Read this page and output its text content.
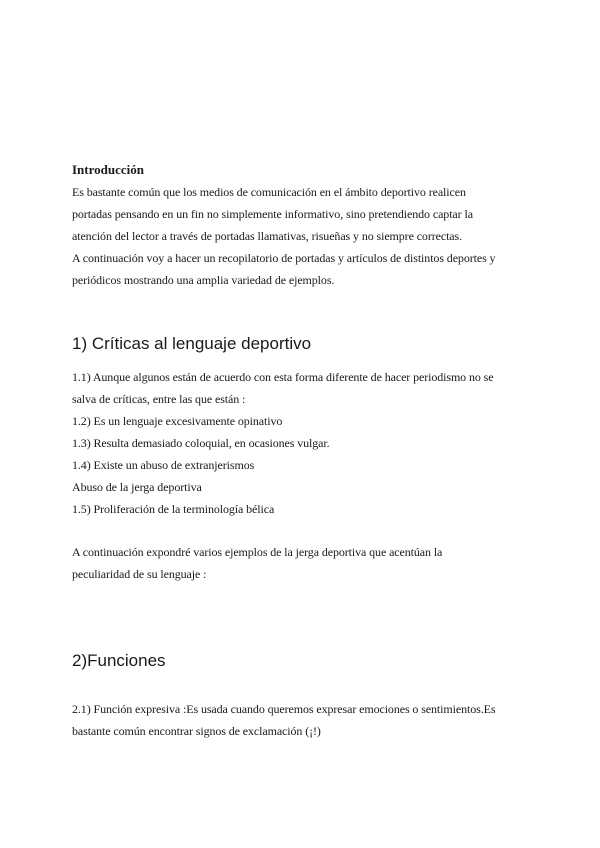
Introducción

Es bastante común que los medios de comunicación en el ámbito deportivo realicen

portadas pensando en un fin no simplemente informativo, sino pretendiendo captar la

atención del lector a través de portadas llamativas, risueñas y no siempre correctas.

A continuación voy a hacer un recopilatorio de portadas y artículos de distintos deportes y

periódicos mostrando una amplia variedad de ejemplos.

1) Críticas al lenguaje deportivo

1.1) Aunque algunos están de acuerdo con esta forma diferente de hacer periodismo no se

salva de críticas, entre las que están :

1.2) Es un lenguaje excesivamente opinativo

1.3) Resulta demasiado coloquial, en ocasiones vulgar.

1.4) Existe un abuso de extranjerismos

Abuso de la jerga deportiva

1.5) Proliferación de la terminología bélica

A continuación expondré varios ejemplos de la jerga deportiva que acentúan la

peculiaridad de su lenguaje :

2)Funciones

2.1) Función expresiva :Es usada cuando queremos expresar emociones o sentimientos.Es

bastante común encontrar signos de exclamación (¡!)
